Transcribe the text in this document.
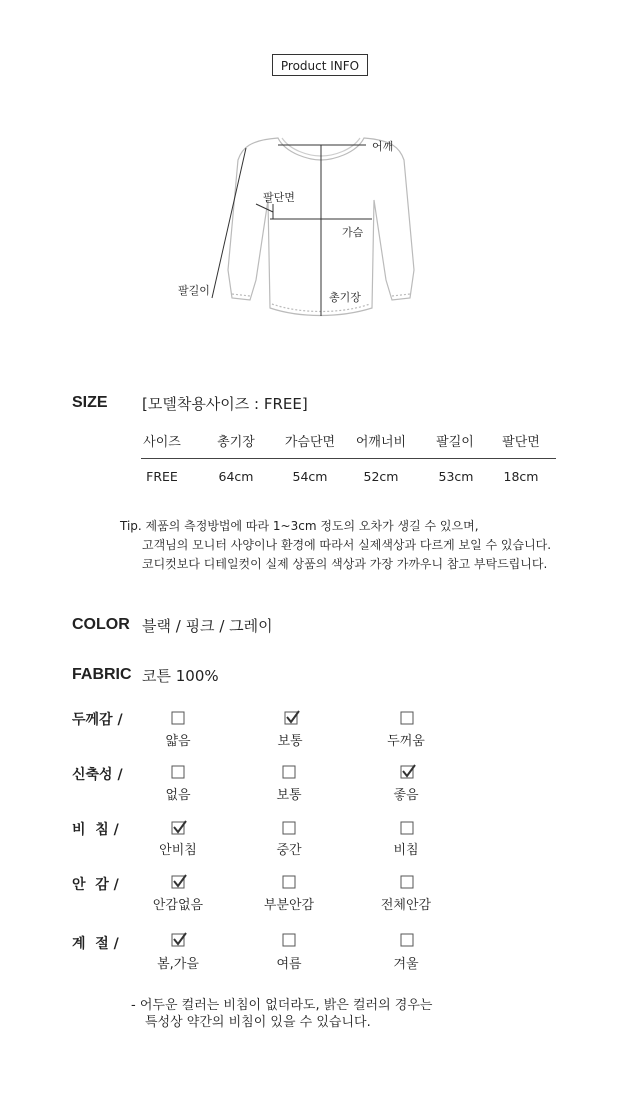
Product INFO
어깨
팔단면
가슴
팔길이
총기장
SIZE [모델착용사이즈 : FREE]
사이즈	총기장	가슴단면	어깨너비	팔길이	팔단면
FREE	64cm	54cm	52cm	53cm	18cm
Tip. 제품의 측정방법에 따라 1~3cm 정도의 오차가 생길 수 있으며,
고객님의 모니터 사양이나 환경에 따라서 실제색상과 다르게 보일 수 있습니다.
코디컷보다 디테일컷이 실제 상품의 색상과 가장 가까우니 참고 부탁드립니다.
COLOR 블랙 / 핑크 / 그레이
FABRIC 코튼 100%
두께감 /
얇음	보통	두꺼움
신축성 /
없음	보통	좋음
비  침 /
안비침	중간	비침
안  감 /
안감없음	부분안감	전체안감
계  절 /
봄,가을	여름	겨울
- 어두운 컬러는 비침이 없더라도, 밝은 컬러의 경우는
특성상 약간의 비침이 있을 수 있습니다.
